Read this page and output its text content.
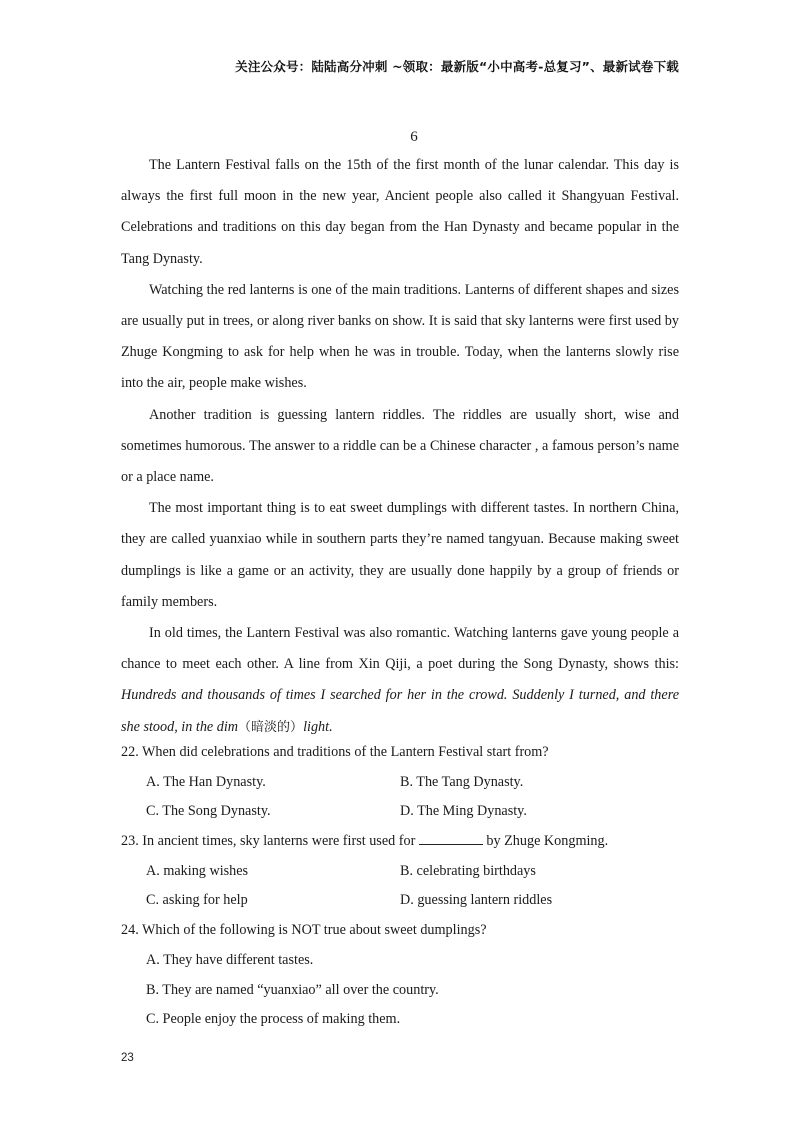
关注公众号：陆陆高分冲刺 ~领取：最新版“小中高考-总复习”、最新试卷下载
6

The Lantern Festival falls on the 15th of the first month of the lunar calendar. This day is always the first full moon in the new year, Ancient people also called it Shangyuan Festival. Celebrations and traditions on this day began from the Han Dynasty and became popular in the Tang Dynasty.

Watching the red lanterns is one of the main traditions. Lanterns of different shapes and sizes are usually put in trees, or along river banks on show. It is said that sky lanterns were first used by Zhuge Kongming to ask for help when he was in trouble. Today, when the lanterns slowly rise into the air, people make wishes.

Another tradition is guessing lantern riddles. The riddles are usually short, wise and sometimes humorous. The answer to a riddle can be a Chinese character , a famous person’s name or a place name.

The most important thing is to eat sweet dumplings with different tastes. In northern China, they are called yuanxiao while in southern parts they’re named tangyuan. Because making sweet dumplings is like a game or an activity, they are usually done happily by a group of friends or family members.

In old times, the Lantern Festival was also romantic. Watching lanterns gave young people a chance to meet each other. A line from Xin Qiji, a poet during the Song Dynasty, shows this: Hundreds and thousands of times I searched for her in the crowd. Suddenly I turned, and there she stood, in the dim（暗淡的）light.

22. When did celebrations and traditions of the Lantern Festival start from?
A. The Han Dynasty.	B. The Tang Dynasty.
C. The Song Dynasty.	D. The Ming Dynasty.
23. In ancient times, sky lanterns were first used for	by Zhuge Kongming.
A. making wishes	B. celebrating birthdays
C. asking for help	D. guessing lantern riddles
24. Which of the following is NOT true about sweet dumplings?
A. They have different tastes.
B. They are named “yuanxiao” all over the country.
C. People enjoy the process of making them.
23
